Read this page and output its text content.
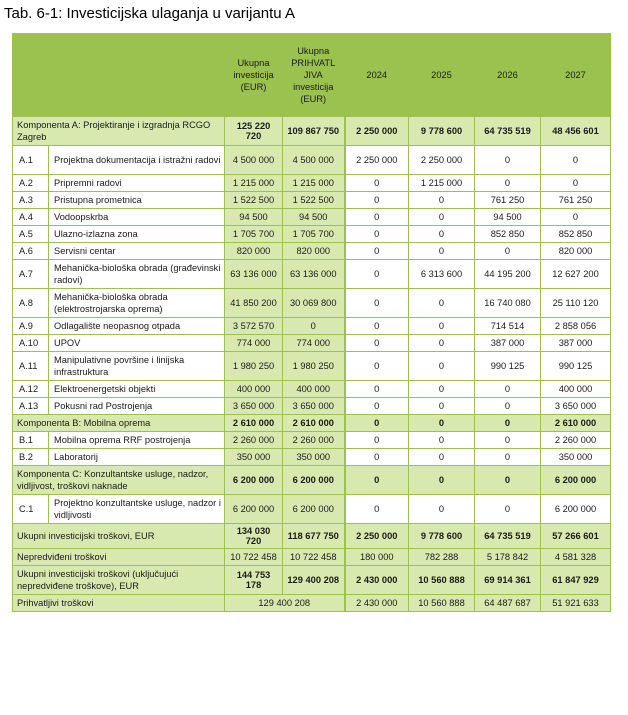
Tab. 6-1: Investicijska ulaganja u varijantu A
		Ukupna investicija (EUR)	Ukupna PRIHVATL JIVA investicija (EUR)	2024	2025	2026	2027
Komponenta A: Projektiranje i izgradnja RCGO Zagreb		125 220 720	109 867 750	2 250 000	9 778 600	64 735 519	48 456 601
A.1	Projektna dokumentacija i istražni radovi	4 500 000	4 500 000	2 250 000	2 250 000	0	0
A.2	Pripremni radovi	1 215 000	1 215 000	0	1 215 000	0	0
A.3	Pristupna prometnica	1 522 500	1 522 500	0	0	761 250	761 250
A.4	Vodoopskrba	94 500	94 500	0	0	94 500	0
A.5	Ulazno-izlazna zona	1 705 700	1 705 700	0	0	852 850	852 850
A.6	Servisni centar	820 000	820 000	0	0	0	820 000
A.7	Mehanička-biološka obrada (građevinski radovi)	63 136 000	63 136 000	0	6 313 600	44 195 200	12 627 200
A.8	Mehanička-biološka obrada (elektrostrojarska oprema)	41 850 200	30 069 800	0	0	16 740 080	25 110 120
A.9	Odlagalište neopasnog otpada	3 572 570	0	0	0	714 514	2 858 056
A.10	UPOV	774 000	774 000	0	0	387 000	387 000
A.11	Manipulativne površine i linijska infrastruktura	1 980 250	1 980 250	0	0	990 125	990 125
A.12	Elektroenergetski objekti	400 000	400 000	0	0	0	400 000
A.13	Pokusni rad Postrojenja	3 650 000	3 650 000	0	0	0	3 650 000
Komponenta B: Mobilna oprema		2 610 000	2 610 000	0	0	0	2 610 000
B.1	Mobilna oprema RRF postrojenja	2 260 000	2 260 000	0	0	0	2 260 000
B.2	Laboratorij	350 000	350 000	0	0	0	350 000
Komponenta C: Konzultantske usluge, nadzor, vidljivost, troškovi naknade		6 200 000	6 200 000	0	0	0	6 200 000
C.1	Projektno konzultantske usluge, nadzor i vidljivosti	6 200 000	6 200 000	0	0	0	6 200 000
Ukupni investicijski troškovi, EUR		134 030 720	118 677 750	2 250 000	9 778 600	64 735 519	57 266 601
Nepredviđeni troškovi		10 722 458	10 722 458	180 000	782 288	5 178 842	4 581 328
Ukupni investicijski troškovi (uključujući nepredviđene troškove), EUR		144 753 178	129 400 208	2 430 000	10 560 888	69 914 361	61 847 929
Prihvatljivi troškovi		129 400 208		2 430 000	10 560 888	64 487 687	51 921 633
